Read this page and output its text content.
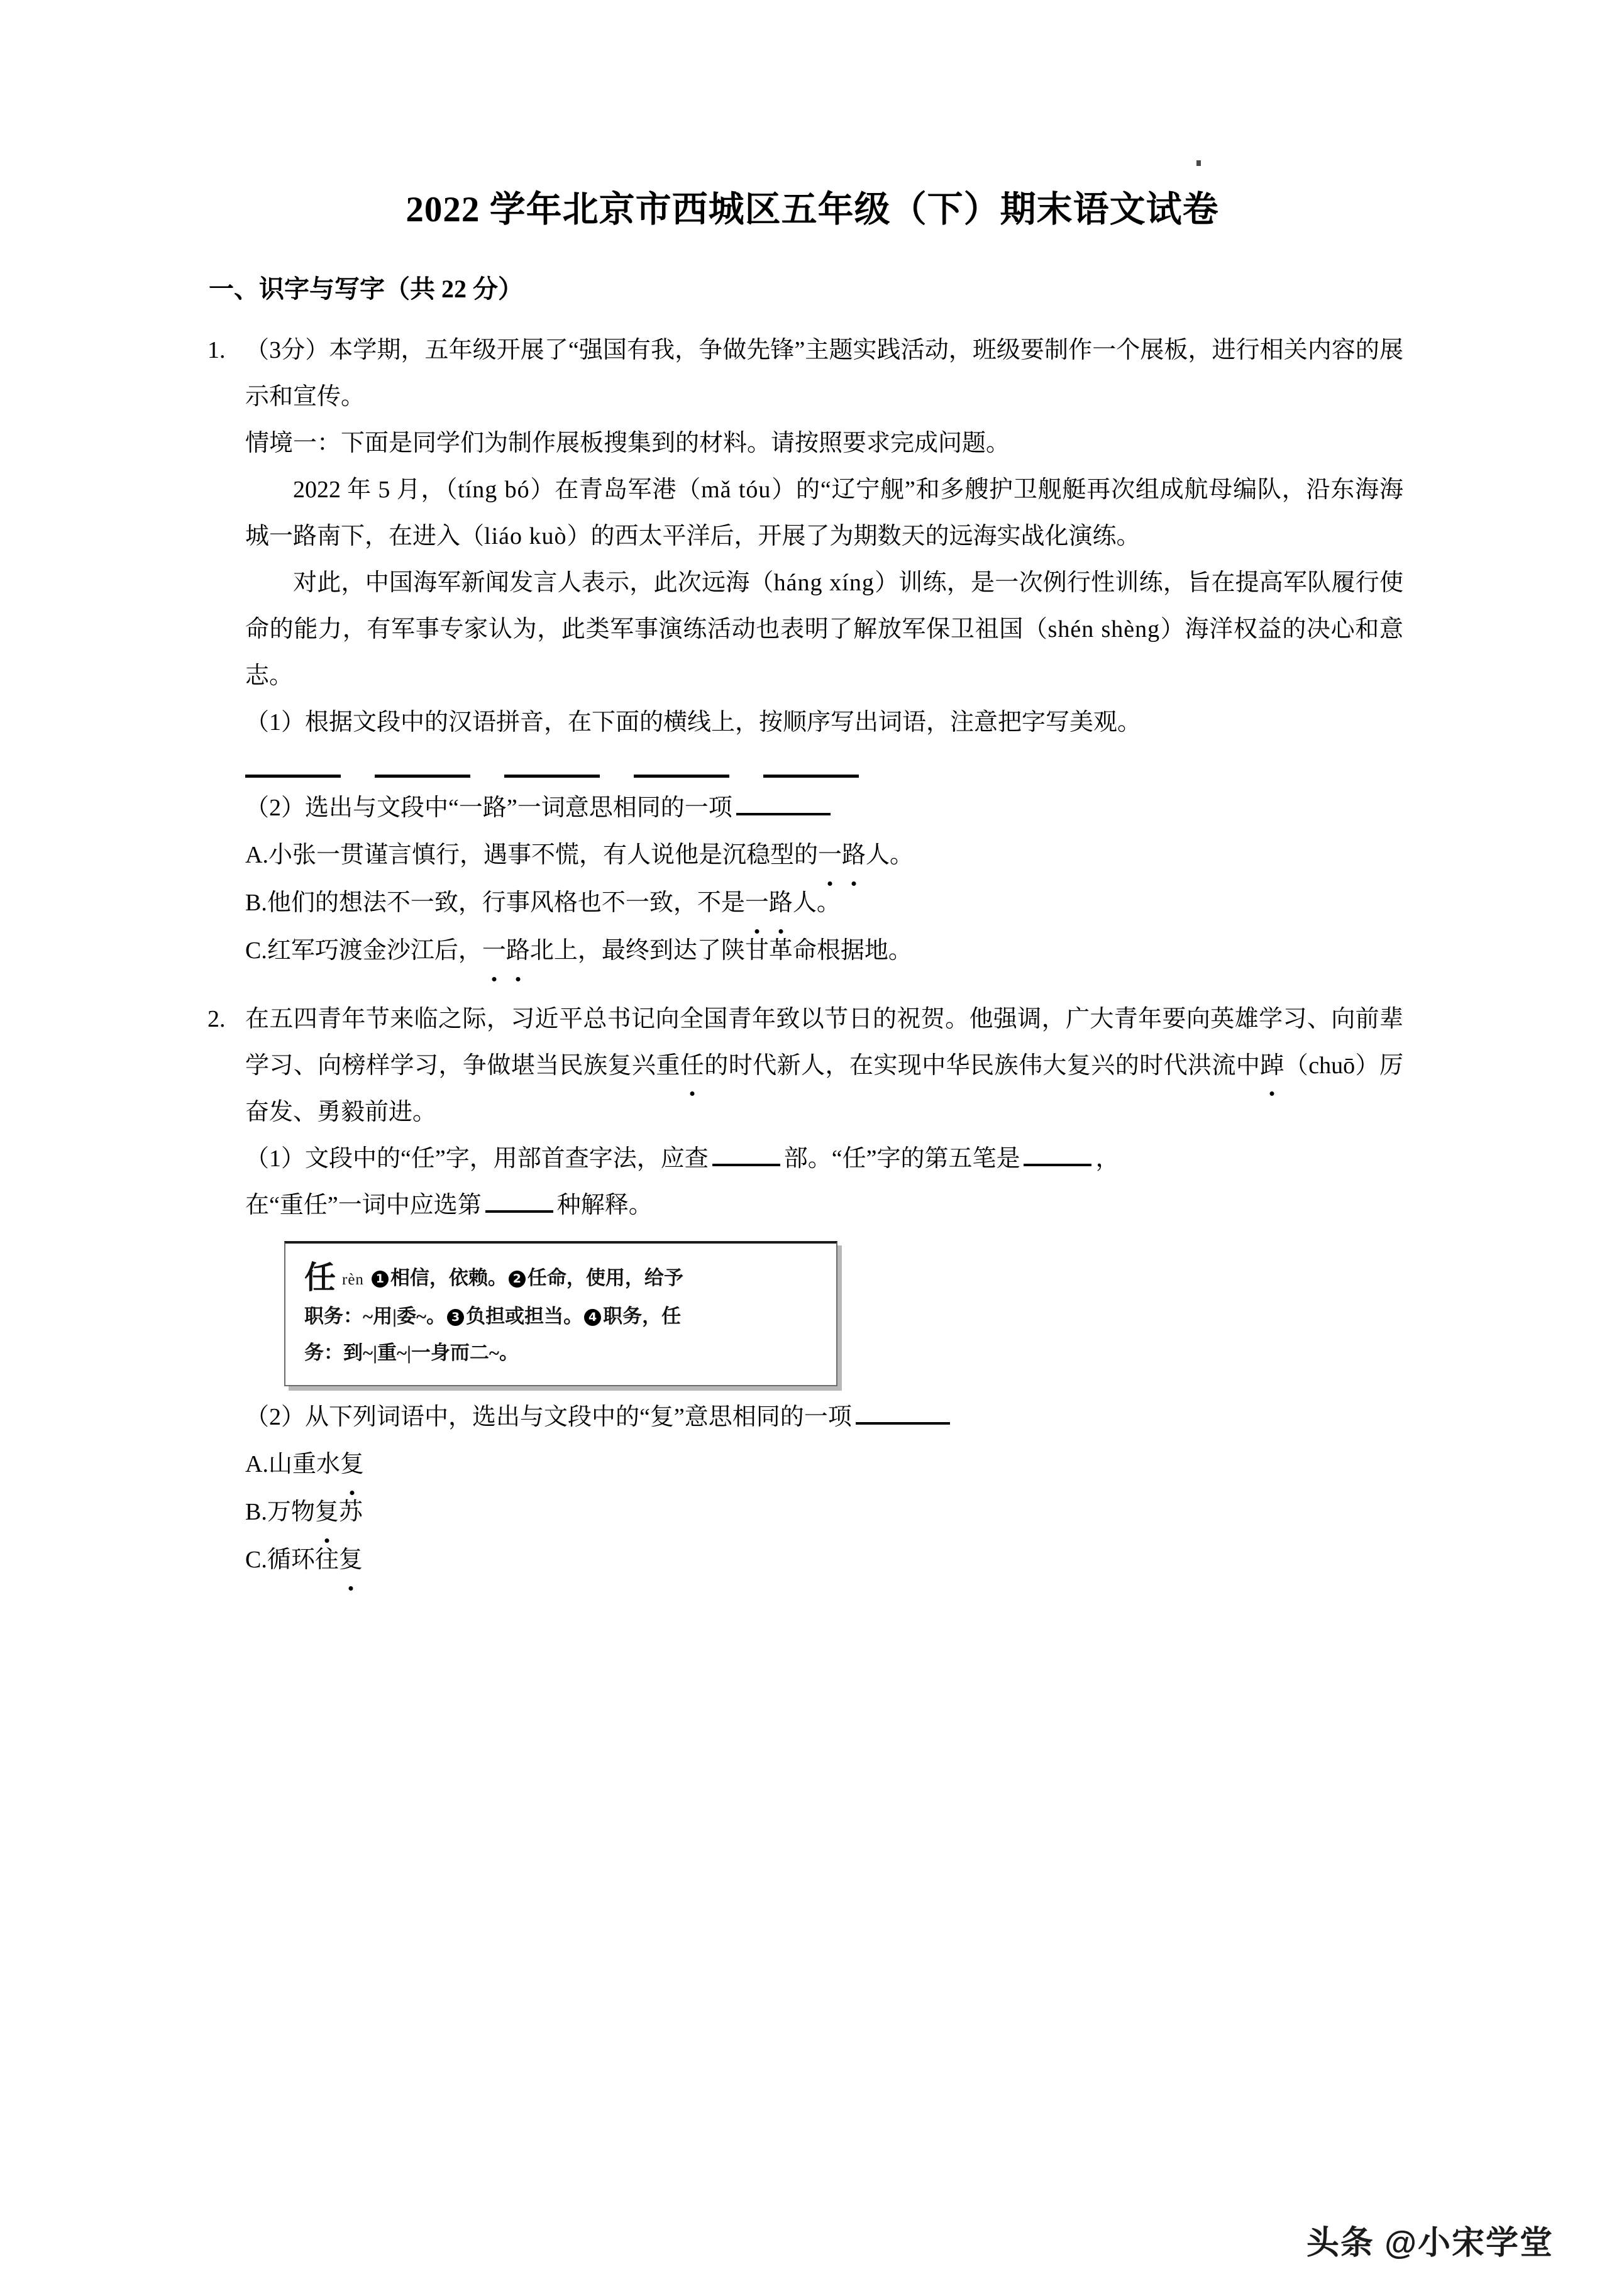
2022 学年北京市西城区五年级（下）期末语文试卷
一、识字与写字（共 22 分）
1. （3分）本学期，五年级开展了“强国有我，争做先锋”主题实践活动，班级要制作一个展板，进行相关内容的展示和宣传。
情境一：下面是同学们为制作展板搜集到的材料。请按照要求完成问题。
2022 年 5 月，（tíng bó）在青岛军港（mǎ tóu）的“辽宁舰”和多艘护卫舰艇再次组成航母编队，沿东海海城一路南下，在进入（liáo kuò）的西太平洋后，开展了为期数天的远海实战化演练。
对此，中国海军新闻发言人表示，此次远海（háng xíng）训练，是一次例行性训练，旨在提高军队履行使命的能力，有军事专家认为，此类军事演练活动也表明了解放军保卫祖国（shén shèng）海洋权益的决心和意志。
（1）根据文段中的汉语拼音，在下面的横线上，按顺序写出词语，注意把字写美观。

（2）选出与文段中“一路”一词意思相同的一项
A.小张一贯谨言慎行，遇事不慌，有人说他是沉稳型的一路人。
B.他们的想法不一致，行事风格也不一致，不是一路人。
C.红军巧渡金沙江后，一路北上，最终到达了陕甘革命根据地。
2. 在五四青年节来临之际，习近平总书记向全国青年致以节日的祝贺。他强调，广大青年要向英雄学习、向前辈学习、向榜样学习，争做堪当民族复兴重任的时代新人，在实现中华民族伟大复兴的时代洪流中踔（chuō）厉奋发、勇毅前进。
（1）文段中的“任”字，用部首查字法，应查	部。“任”字的第五笔是	，
在“重任”一词中应选第	种解释。
任rèn 1 相信，依赖。 2 任命，使用，给予
职务：~用|委~。 3 负担或担当。 4 职务，任
务：到~|重~|一身而二~。
（2）从下列词语中，选出与文段中的“复”意思相同的一项
A.山重水复
B.万物复苏
C.循环往复
头条 @小宋学堂
